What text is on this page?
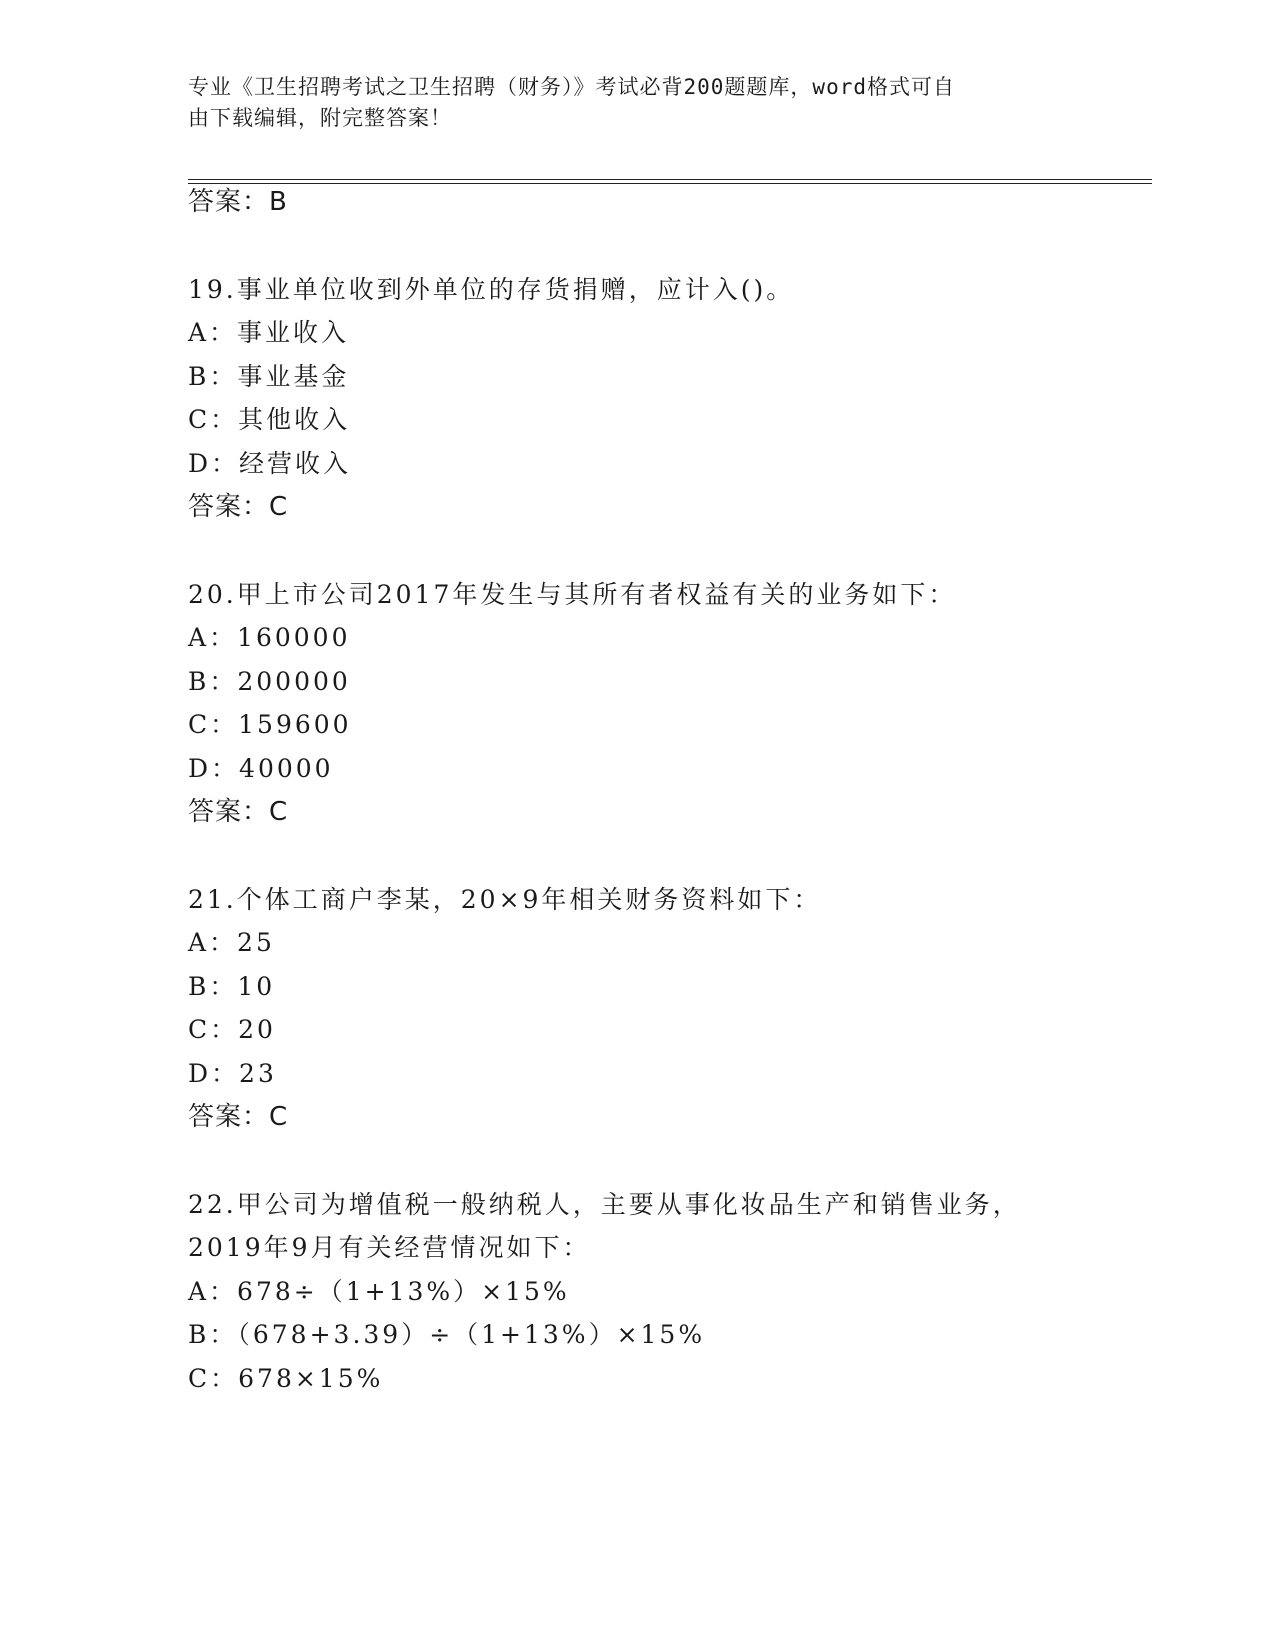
专业《卫生招聘考试之卫生招聘（财务）》考试必背200题题库，word格式可自
由下载编辑，附完整答案！
答案：B
19.事业单位收到外单位的存货捐赠，应计入()。
A：事业收入
B：事业基金
C：其他收入
D：经营收入
答案：C
20.甲上市公司2017年发生与其所有者权益有关的业务如下：
A：160000
B：200000
C：159600
D：40000
答案：C
21.个体工商户李某，20×9年相关财务资料如下：
A：25
B：10
C：20
D：23
答案：C
22.甲公司为增值税一般纳税人，主要从事化妆品生产和销售业务，
2019年9月有关经营情况如下：
A：678÷（1+13%）×15%
B：（678+3.39）÷（1+13%）×15%
C：678×15%
